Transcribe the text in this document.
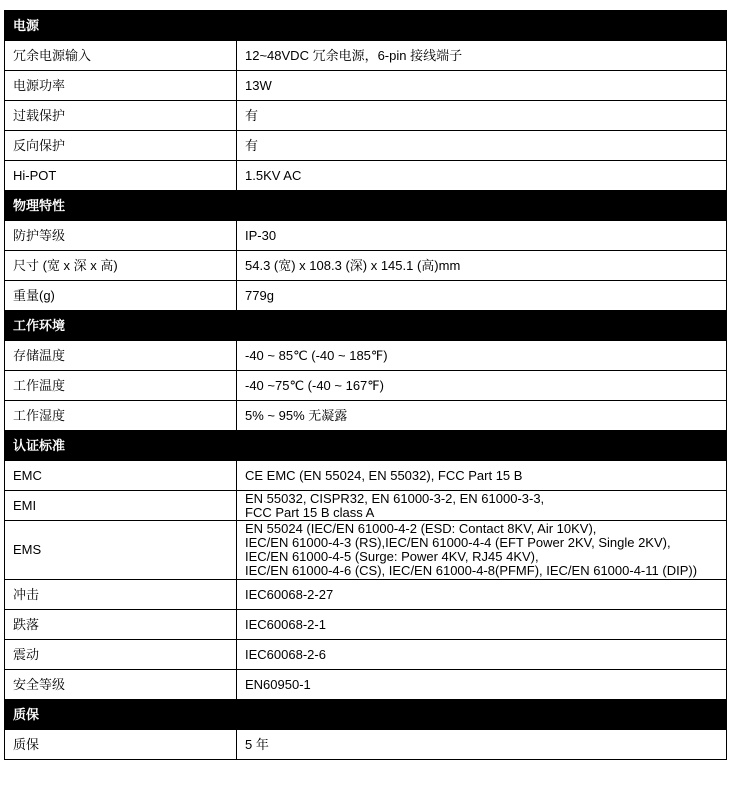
电源	
冗余电源输入	12~48VDC 冗余电源，6-pin 接线端子

电源功率	13W

过载保护	有

反向保护	有

Hi-POT	1.5KV AC

物理特性	
防护等级	IP-30

尺寸 (宽 x 深 x 高)	54.3 (宽) x 108.3 (深) x 145.1 (高)mm

重量(g)	779g

工作环境	
存储温度	-40 ~ 85℃ (-40 ~ 185℉)

工作温度	-40 ~75℃ (-40 ~ 167℉)

工作湿度	5% ~ 95% 无凝露

认证标准	
EMC	CE EMC (EN 55024, EN 55032), FCC Part 15 B

EMI	EN 55032, CISPR32, EN 61000-3-2, EN 61000-3-3,
FCC Part 15 B class A

EMS	EN 55024 (IEC/EN 61000-4-2 (ESD: Contact 8KV, Air 10KV),
IEC/EN 61000-4-3 (RS),IEC/EN 61000-4-4 (EFT Power 2KV, Single 2KV),
IEC/EN 61000-4-5 (Surge: Power 4KV, RJ45 4KV),
IEC/EN 61000-4-6 (CS), IEC/EN 61000-4-8(PFMF), IEC/EN 61000-4-11 (DIP))

冲击	IEC60068-2-27

跌落	IEC60068-2-1

震动	IEC60068-2-6

安全等级	EN60950-1

质保	
质保	5 年
